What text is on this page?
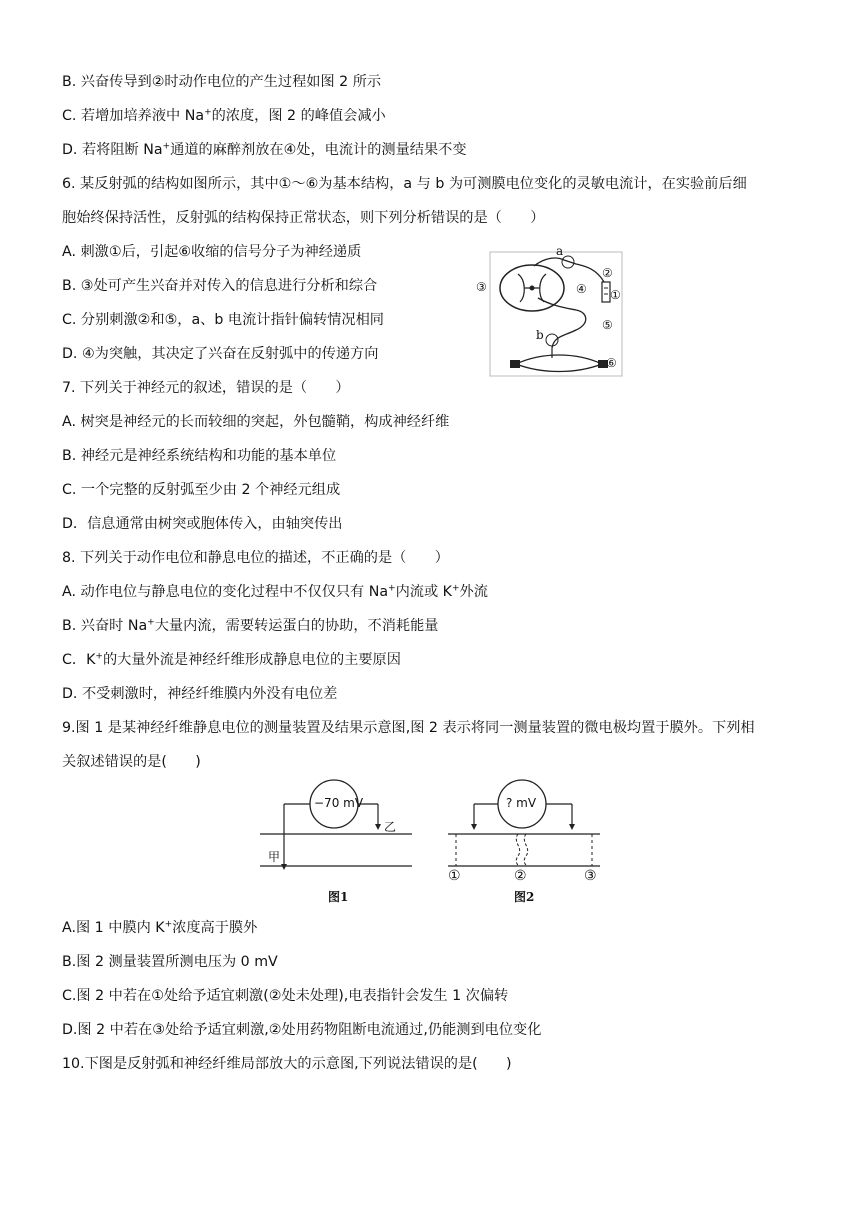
B. 兴奋传导到②时动作电位的产生过程如图 2 所示
C. 若增加培养液中 Na+的浓度，图 2 的峰值会减小
D. 若将阻断 Na+通道的麻醉剂放在④处，电流计的测量结果不变
6. 某反射弧的结构如图所示，其中①～⑥为基本结构，a 与 b 为可测膜电位变化的灵敏电流计，在实验前后细
胞始终保持活性，反射弧的结构保持正常状态，则下列分析错误的是（　　）
A. 刺激①后，引起⑥收缩的信号分子为神经递质
B. ③处可产生兴奋并对传入的信息进行分析和综合
C. 分别刺激②和⑤，a、b 电流计指针偏转情况相同
D. ④为突触，其决定了兴奋在反射弧中的传递方向
a
②
③	④ ①
⑤
b
⑥
7. 下列关于神经元的叙述，错误的是（　　）
A. 树突是神经元的长而较细的突起，外包髓鞘，构成神经纤维
B. 神经元是神经系统结构和功能的基本单位
C. 一个完整的反射弧至少由 2 个神经元组成
D．信息通常由树突或胞体传入，由轴突传出
8. 下列关于动作电位和静息电位的描述，不正确的是（　　）
A. 动作电位与静息电位的变化过程中不仅仅只有 Na+内流或 K+外流
B. 兴奋时 Na+大量内流，需要转运蛋白的协助，不消耗能量
C．K+的大量外流是神经纤维形成静息电位的主要原因
D. 不受刺激时，神经纤维膜内外没有电位差
9.图 1 是某神经纤维静息电位的测量装置及结果示意图,图 2 表示将同一测量装置的微电极均置于膜外。下列相
关叙述错误的是(　　)
−70 mV
乙
甲
图1
? mV
①	②	③
图2
A.图 1 中膜内 K+浓度高于膜外
B.图 2 测量装置所测电压为 0 mV
C.图 2 中若在①处给予适宜刺激(②处未处理),电表指针会发生 1 次偏转
D.图 2 中若在③处给予适宜刺激,②处用药物阻断电流通过,仍能测到电位变化
10.下图是反射弧和神经纤维局部放大的示意图,下列说法错误的是(　　)
